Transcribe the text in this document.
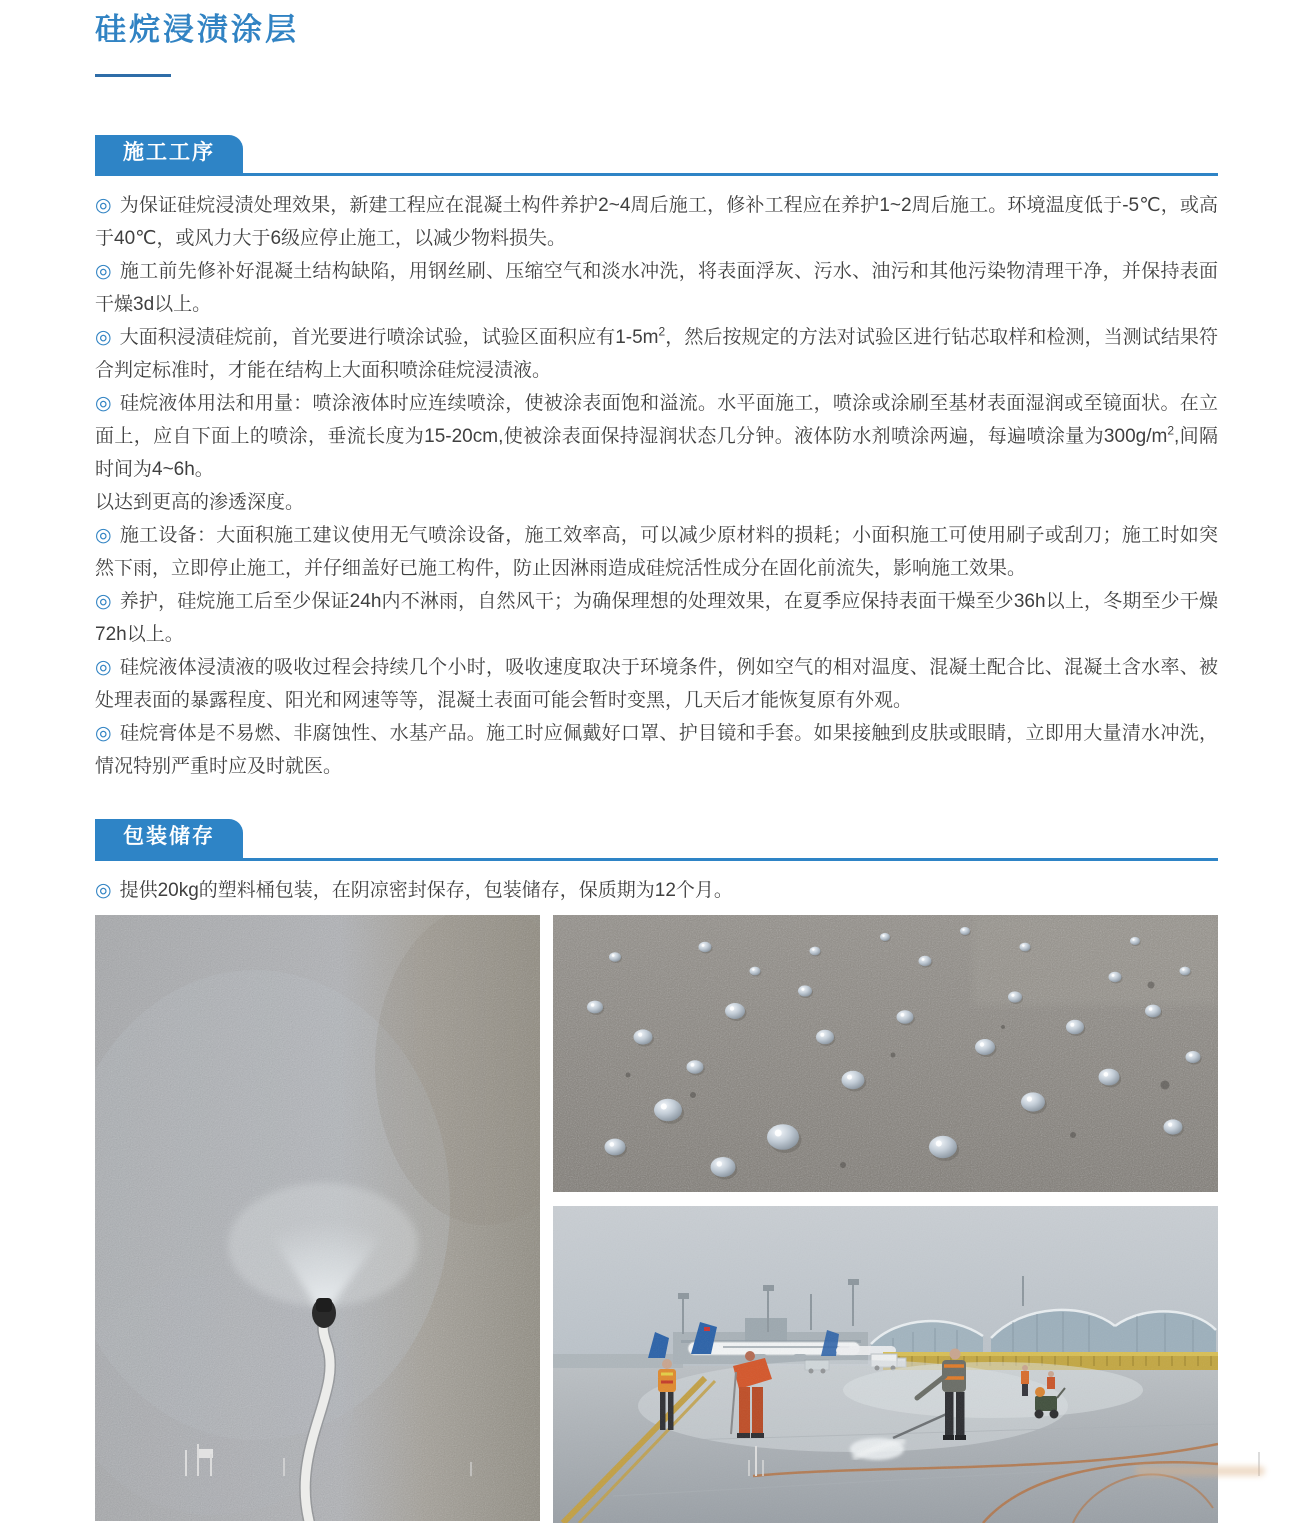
硅烷浸渍涂层
施工工序

◎ 为保证硅烷浸渍处理效果，新建工程应在混凝土构件养护2~4周后施工，修补工程应在养护1~2周后施工。环境温度低于-5℃，或高于40℃，或风力大于6级应停止施工，以减少物料损失。

◎ 施工前先修补好混凝土结构缺陷，用钢丝刷、压缩空气和淡水冲洗，将表面浮灰、污水、油污和其他污染物清理干净，并保持表面干燥3d以上。

◎ 大面积浸渍硅烷前，首光要进行喷涂试验，试验区面积应有$1-5m^2$，然后按规定的方法对试验区进行钻芯取样和检测，当测试结果符合判定标准时，才能在结构上大面积喷涂硅烷浸渍液。

◎ 硅烷液体用法和用量：喷涂液体时应连续喷涂，使被涂表面饱和溢流。水平面施工，喷涂或涂刷至基材表面湿润或至镜面状。在立面上，应自下面上的喷涂，垂流长度为15-20cm,使被涂表面保持湿润状态几分钟。液体防水剂喷涂两遍，每遍喷涂量为$300g/m^2$,间隔时间为4~6h。
以达到更高的渗透深度。

◎ 施工设备：大面积施工建议使用无气喷涂设备，施工效率高，可以减少原材料的损耗；小面积施工可使用刷子或刮刀；施工时如突然下雨，立即停止施工，并仔细盖好已施工构件，防止因淋雨造成硅烷活性成分在固化前流失，影响施工效果。

◎ 养护，硅烷施工后至少保证24h内不淋雨，自然风干；为确保理想的处理效果，在夏季应保持表面干燥至少36h以上，冬期至少干燥72h以上。

◎ 硅烷液体浸渍液的吸收过程会持续几个小时，吸收速度取决于环境条件，例如空气的相对温度、混凝土配合比、混凝土含水率、被处理表面的暴露程度、阳光和网速等等，混凝土表面可能会暂时变黑，几天后才能恢复原有外观。

◎ 硅烷膏体是不易燃、非腐蚀性、水基产品。施工时应佩戴好口罩、护目镜和手套。如果接触到皮肤或眼睛，立即用大量清水冲洗，情况特别严重时应及时就医。

包装储存

◎ 提供20kg的塑料桶包装，在阴凉密封保存，包装储存，保质期为12个月。
